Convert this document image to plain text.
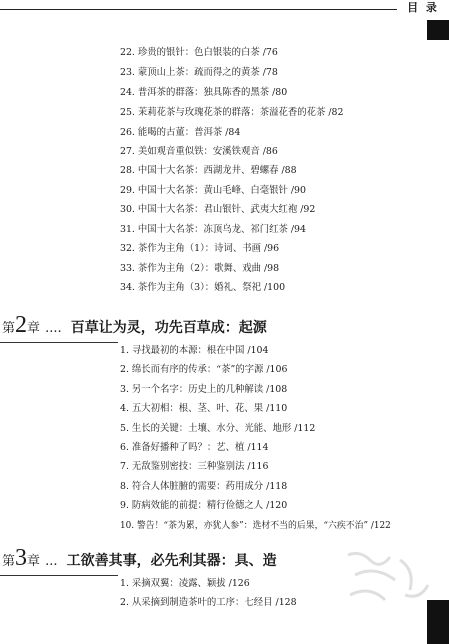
目 录
22. 珍贵的银针：色白银装的白茶 /76
23. 蒙顶山上茶：疏而得之的黄茶 /78
24. 普洱茶的群落：独具陈香的黑茶 /80
25. 茉莉花茶与玫瑰花茶的群落：茶溢花香的花茶 /82
26. 能喝的古董：普洱茶 /84
27. 美如观音重似铁：安溪铁观音 /86
28. 中国十大名茶：西湖龙井、碧螺春 /88
29. 中国十大名茶：黄山毛峰、白毫银针 /90
30. 中国十大名茶：君山银针、武夷大红袍 /92
31. 中国十大名茶：冻顶乌龙、祁门红茶 /94
32. 茶作为主角（1）：诗词、书画 /96
33. 茶作为主角（2）：歌舞、戏曲 /98
34. 茶作为主角（3）：婚礼、祭祀 /100
第2章 .... 百草让为灵，功先百草成：起源
1. 寻找最初的本源：根在中国 /104
2. 绵长而有序的传承：“茶”的字源 /106
3. 另一个名字：历史上的几种解读 /108
4. 五大初相：根、茎、叶、花、果 /110
5. 生长的关键：土壤、水分、光能、地形 /112
6. 准备好播种了吗？：艺、植 /114
7. 无敌鉴别密技：三种鉴别法 /116
8. 符合人体脏腑的需要：药用成分 /118
9. 防病效能的前提：精行俭德之人 /120
10. 警告！“茶为累，亦犹人参”：选材不当的后果，“六疾不治” /122
第3章 ... 工欲善其事，必先利其器：具、造
1. 采摘双翼：凌露、颖拔 /126
2. 从采摘到制造茶叶的工序：七经目 /128
